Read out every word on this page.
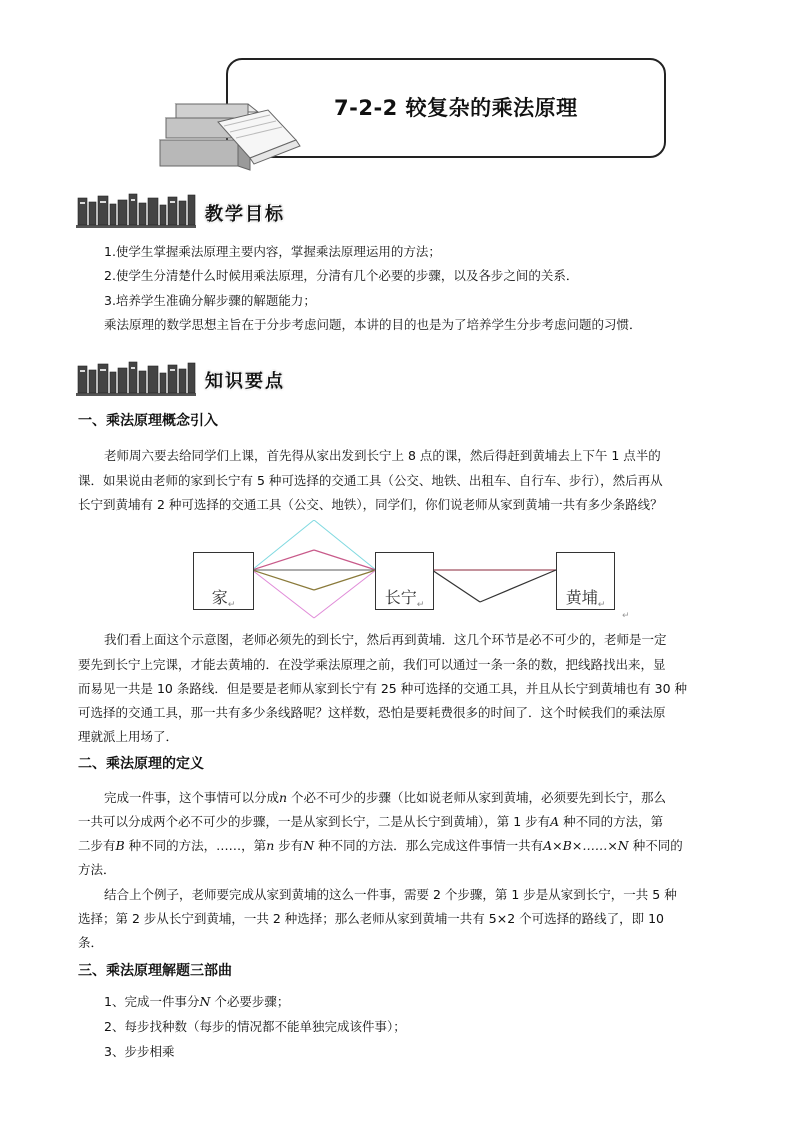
7-2-2 较复杂的乘法原理
教学目标
1.使学生掌握乘法原理主要内容，掌握乘法原理运用的方法；
2.使学生分清楚什么时候用乘法原理，分清有几个必要的步骤，以及各步之间的关系．
3.培养学生准确分解步骤的解题能力；
乘法原理的数学思想主旨在于分步考虑问题，本讲的目的也是为了培养学生分步考虑问题的习惯．
知识要点
一、乘法原理概念引入
老师周六要去给同学们上课，首先得从家出发到长宁上 8 点的课，然后得赶到黄埔去上下午 1 点半的
课．如果说由老师的家到长宁有 5 种可选择的交通工具（公交、地铁、出租车、自行车、步行），然后再从
长宁到黄埔有 2 种可选择的交通工具（公交、地铁），同学们，你们说老师从家到黄埔一共有多少条路线？
↵
家↵	长宁↵	黄埔↵
我们看上面这个示意图，老师必须先的到长宁，然后再到黄埔．这几个环节是必不可少的，老师是一定
要先到长宁上完课，才能去黄埔的．在没学乘法原理之前，我们可以通过一条一条的数，把线路找出来，显
而易见一共是 10 条路线．但是要是老师从家到长宁有 25 种可选择的交通工具，并且从长宁到黄埔也有 30 种
可选择的交通工具，那一共有多少条线路呢？这样数，恐怕是要耗费很多的时间了．这个时候我们的乘法原
理就派上用场了．
二、乘法原理的定义
完成一件事，这个事情可以分成n 个必不可少的步骤（比如说老师从家到黄埔，必须要先到长宁，那么
一共可以分成两个必不可少的步骤，一是从家到长宁，二是从长宁到黄埔），第 1 步有A 种不同的方法，第
二步有B 种不同的方法，……，第n 步有N 种不同的方法．那么完成这件事情一共有A×B×……×N 种不同的
方法．
结合上个例子，老师要完成从家到黄埔的这么一件事，需要 2 个步骤，第 1 步是从家到长宁，一共 5 种
选择；第 2 步从长宁到黄埔，一共 2 种选择；那么老师从家到黄埔一共有 5×2 个可选择的路线了，即 10
条．
三、乘法原理解题三部曲
1、完成一件事分N 个必要步骤；
2、每步找种数（每步的情况都不能单独完成该件事）；
3、步步相乘
